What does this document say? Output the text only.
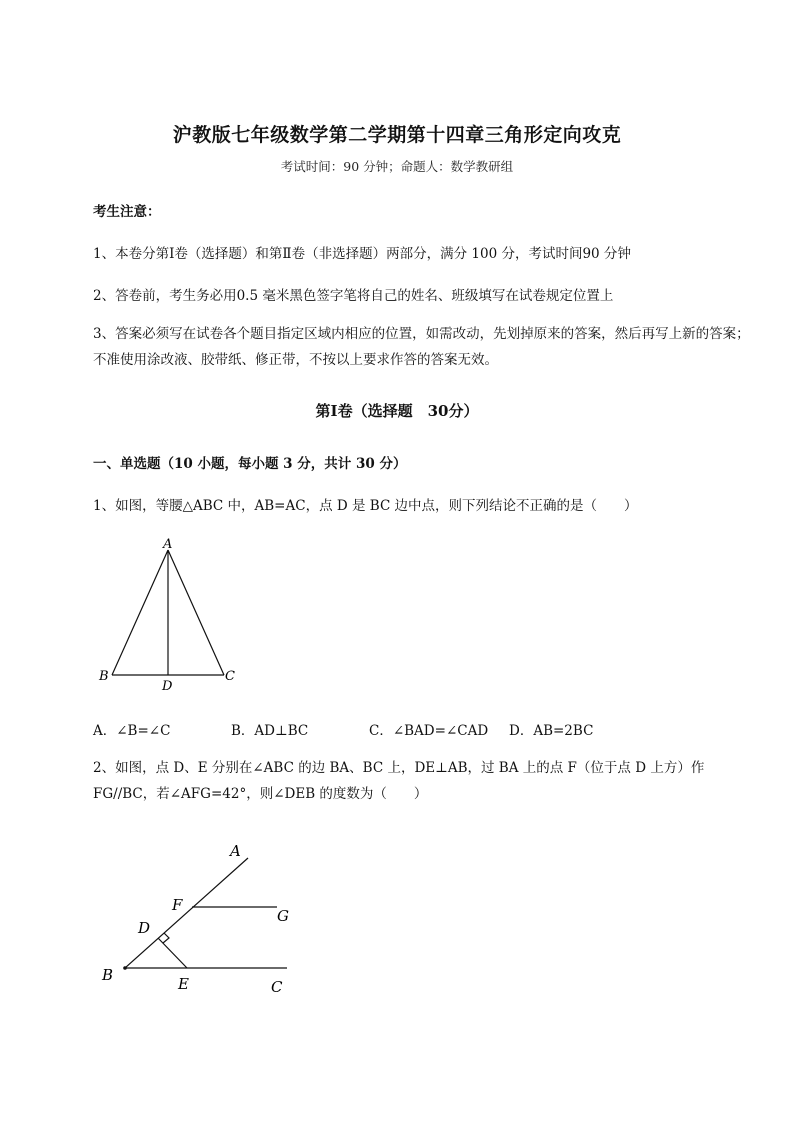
沪教版七年级数学第二学期第十四章三角形定向攻克
考试时间：90 分钟；命题人：数学教研组
考生注意：
1、本卷分第Ⅰ卷（选择题）和第Ⅱ卷（非选择题）两部分，满分 100 分，考试时间90 分钟
2、答卷前，考生务必用0.5 毫米黑色签字笔将自己的姓名、班级填写在试卷规定位置上
3、答案必须写在试卷各个题目指定区域内相应的位置，如需改动，先划掉原来的答案，然后再写上新的答案；不准使用涂改液、胶带纸、修正带，不按以上要求作答的答案无效。
第Ⅰ卷（选择题　30分）
一、单选题（10 小题，每小题 3 分，共计 30 分）
1、如图，等腰△ABC 中，AB=AC，点 D 是 BC 边中点，则下列结论不正确的是（　　）
A
B	C
D
A．∠B=∠C	B．AD⊥BC	C．∠BAD=∠CAD D．AB=2BC
2、如图，点 D、E 分别在∠ABC 的边 BA、BC 上，DE⊥AB，过 BA 上的点 F（位于点 D 上方）作 FG//BC，若∠AFG=42°，则∠DEB 的度数为（　　）
A
F
G
D
B	E	C
